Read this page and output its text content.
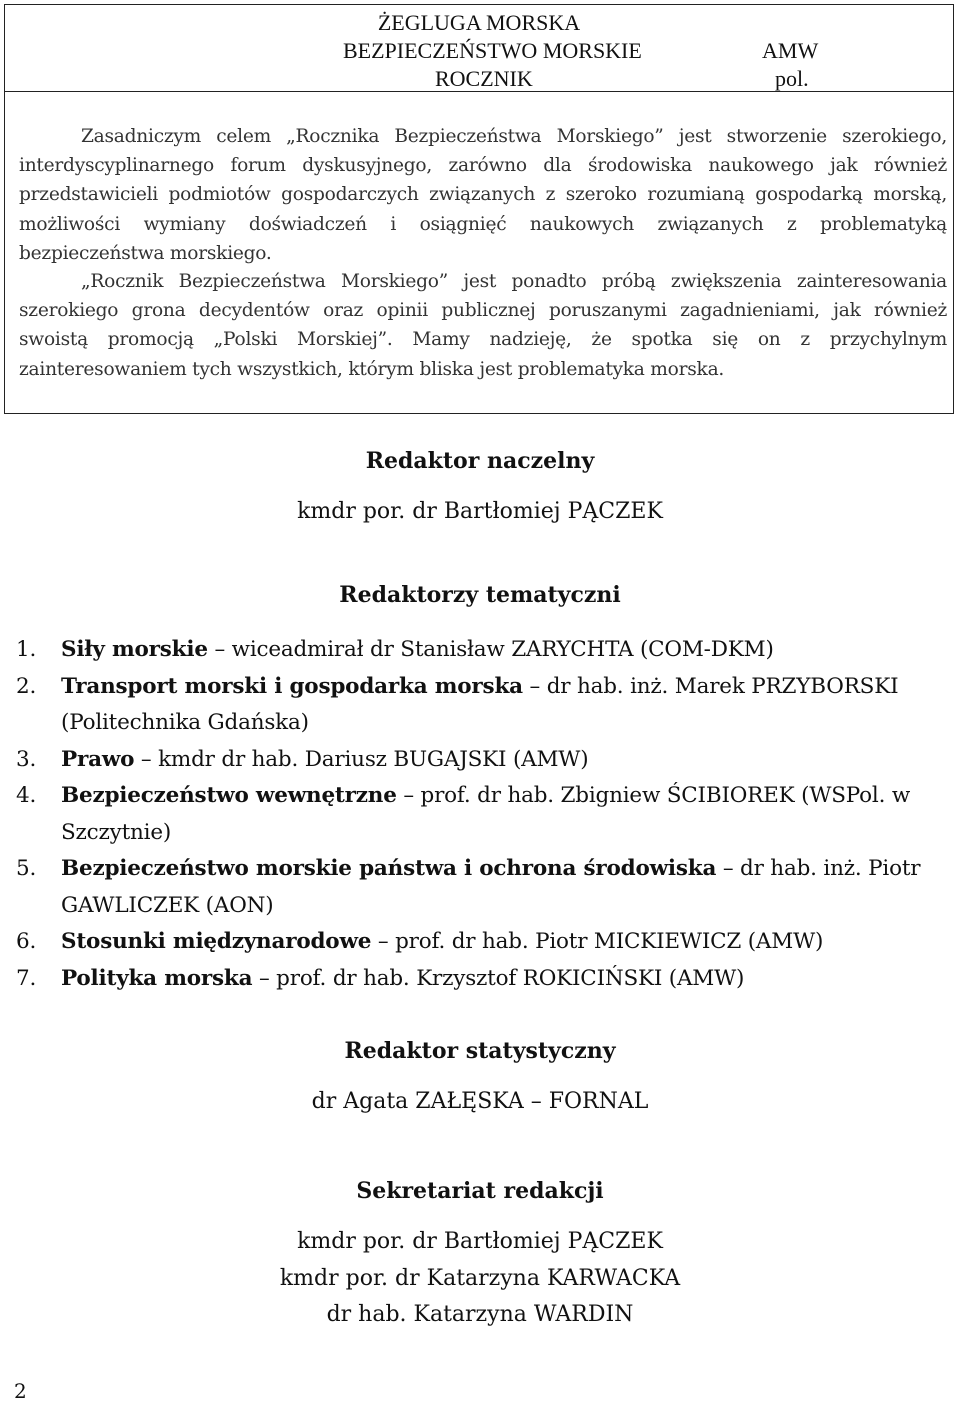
ŻEGLUGA MORSKA
BEZPIECZEŃSTWO MORSKIE
ROCZNIK
AMW
pol.

Zasadniczym celem „Rocznika Bezpieczeństwa Morskiego” jest stworzenie szerokiego, interdyscyplinarnego forum dyskusyjnego, zarówno dla środowiska naukowego jak również przedstawicieli podmiotów gospodarczych związanych z szeroko rozumianą gospodarką morską, możliwości wymiany doświadczeń i osiągnięć naukowych związanych z problematyką bezpieczeństwa morskiego.

„Rocznik Bezpieczeństwa Morskiego” jest ponadto próbą zwiększenia zainteresowania szerokiego grona decydentów oraz opinii publicznej poruszanymi zagadnieniami, jak również swoistą promocją „Polski Morskiej”. Mamy nadzieję, że spotka się on z przychylnym zainteresowaniem tych wszystkich, którym bliska jest problematyka morska.

Redaktor naczelny
kmdr por. dr Bartłomiej PĄCZEK
Redaktorzy tematyczni
1. Siły morskie – wiceadmirał dr Stanisław ZARYCHTA (COM-DKM)
2. Transport morski i gospodarka morska – dr hab. inż. Marek PRZYBORSKI (Politechnika Gdańska)
3. Prawo – kmdr dr hab. Dariusz BUGAJSKI (AMW)
4. Bezpieczeństwo wewnętrzne – prof. dr hab. Zbigniew ŚCIBIOREK (WSPol. w Szczytnie)
5. Bezpieczeństwo morskie państwa i ochrona środowiska – dr hab. inż. Piotr GAWLICZEK (AON)
6. Stosunki międzynarodowe – prof. dr hab. Piotr MICKIEWICZ (AMW)
7. Polityka morska – prof. dr hab. Krzysztof ROKICIŃSKI (AMW)
Redaktor statystyczny
dr Agata ZAŁĘSKA – FORNAL
Sekretariat redakcji
kmdr por. dr Bartłomiej PĄCZEK
kmdr por. dr Katarzyna KARWACKA
dr hab. Katarzyna WARDIN
2
